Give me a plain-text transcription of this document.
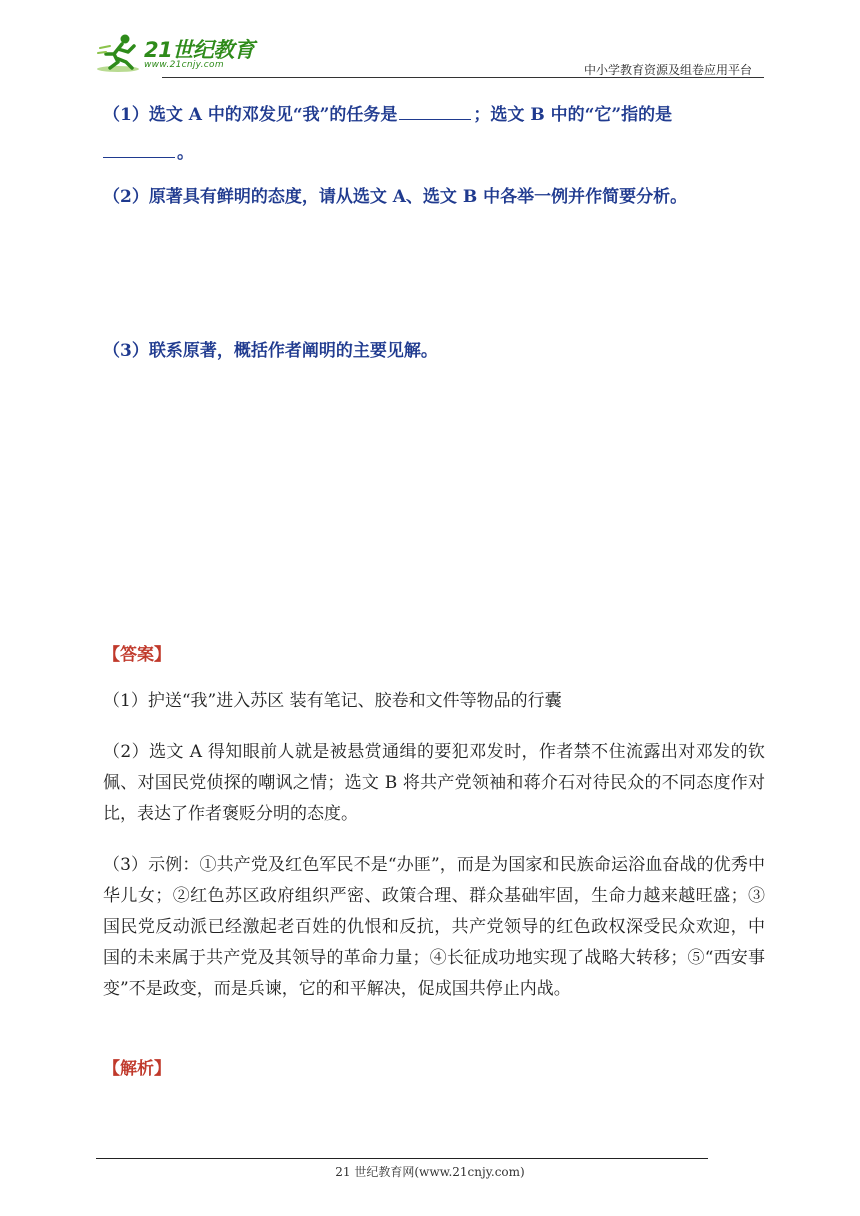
21世纪教育
www.21cnjy.com	中小学教育资源及组卷应用平台
（1）选文 A 中的邓发见“我”的任务是	；选文 B 中的“它”指的是
。
（2）原著具有鲜明的态度，请从选文 A、选文 B 中各举一例并作简要分析。
（3）联系原著，概括作者阐明的主要见解。
【答案】
（1）护送“我”进入苏区 装有笔记、胶卷和文件等物品的行囊
（2）选文 A 得知眼前人就是被悬赏通缉的要犯邓发时，作者禁不住流露出对邓发的钦佩、对国民党侦探的嘲讽之情；选文 B 将共产党领袖和蒋介石对待民众的不同态度作对比，表达了作者褒贬分明的态度。
（3）示例：①共产党及红色军民不是“办匪”，而是为国家和民族命运浴血奋战的优秀中华儿女；②红色苏区政府组织严密、政策合理、群众基础牢固，生命力越来越旺盛；③国民党反动派已经激起老百姓的仇恨和反抗，共产党领导的红色政权深受民众欢迎，中国的未来属于共产党及其领导的革命力量；④长征成功地实现了战略大转移；⑤“西安事变”不是政变，而是兵谏，它的和平解决，促成国共停止内战。
【解析】
21 世纪教育网(www.21cnjy.com)
